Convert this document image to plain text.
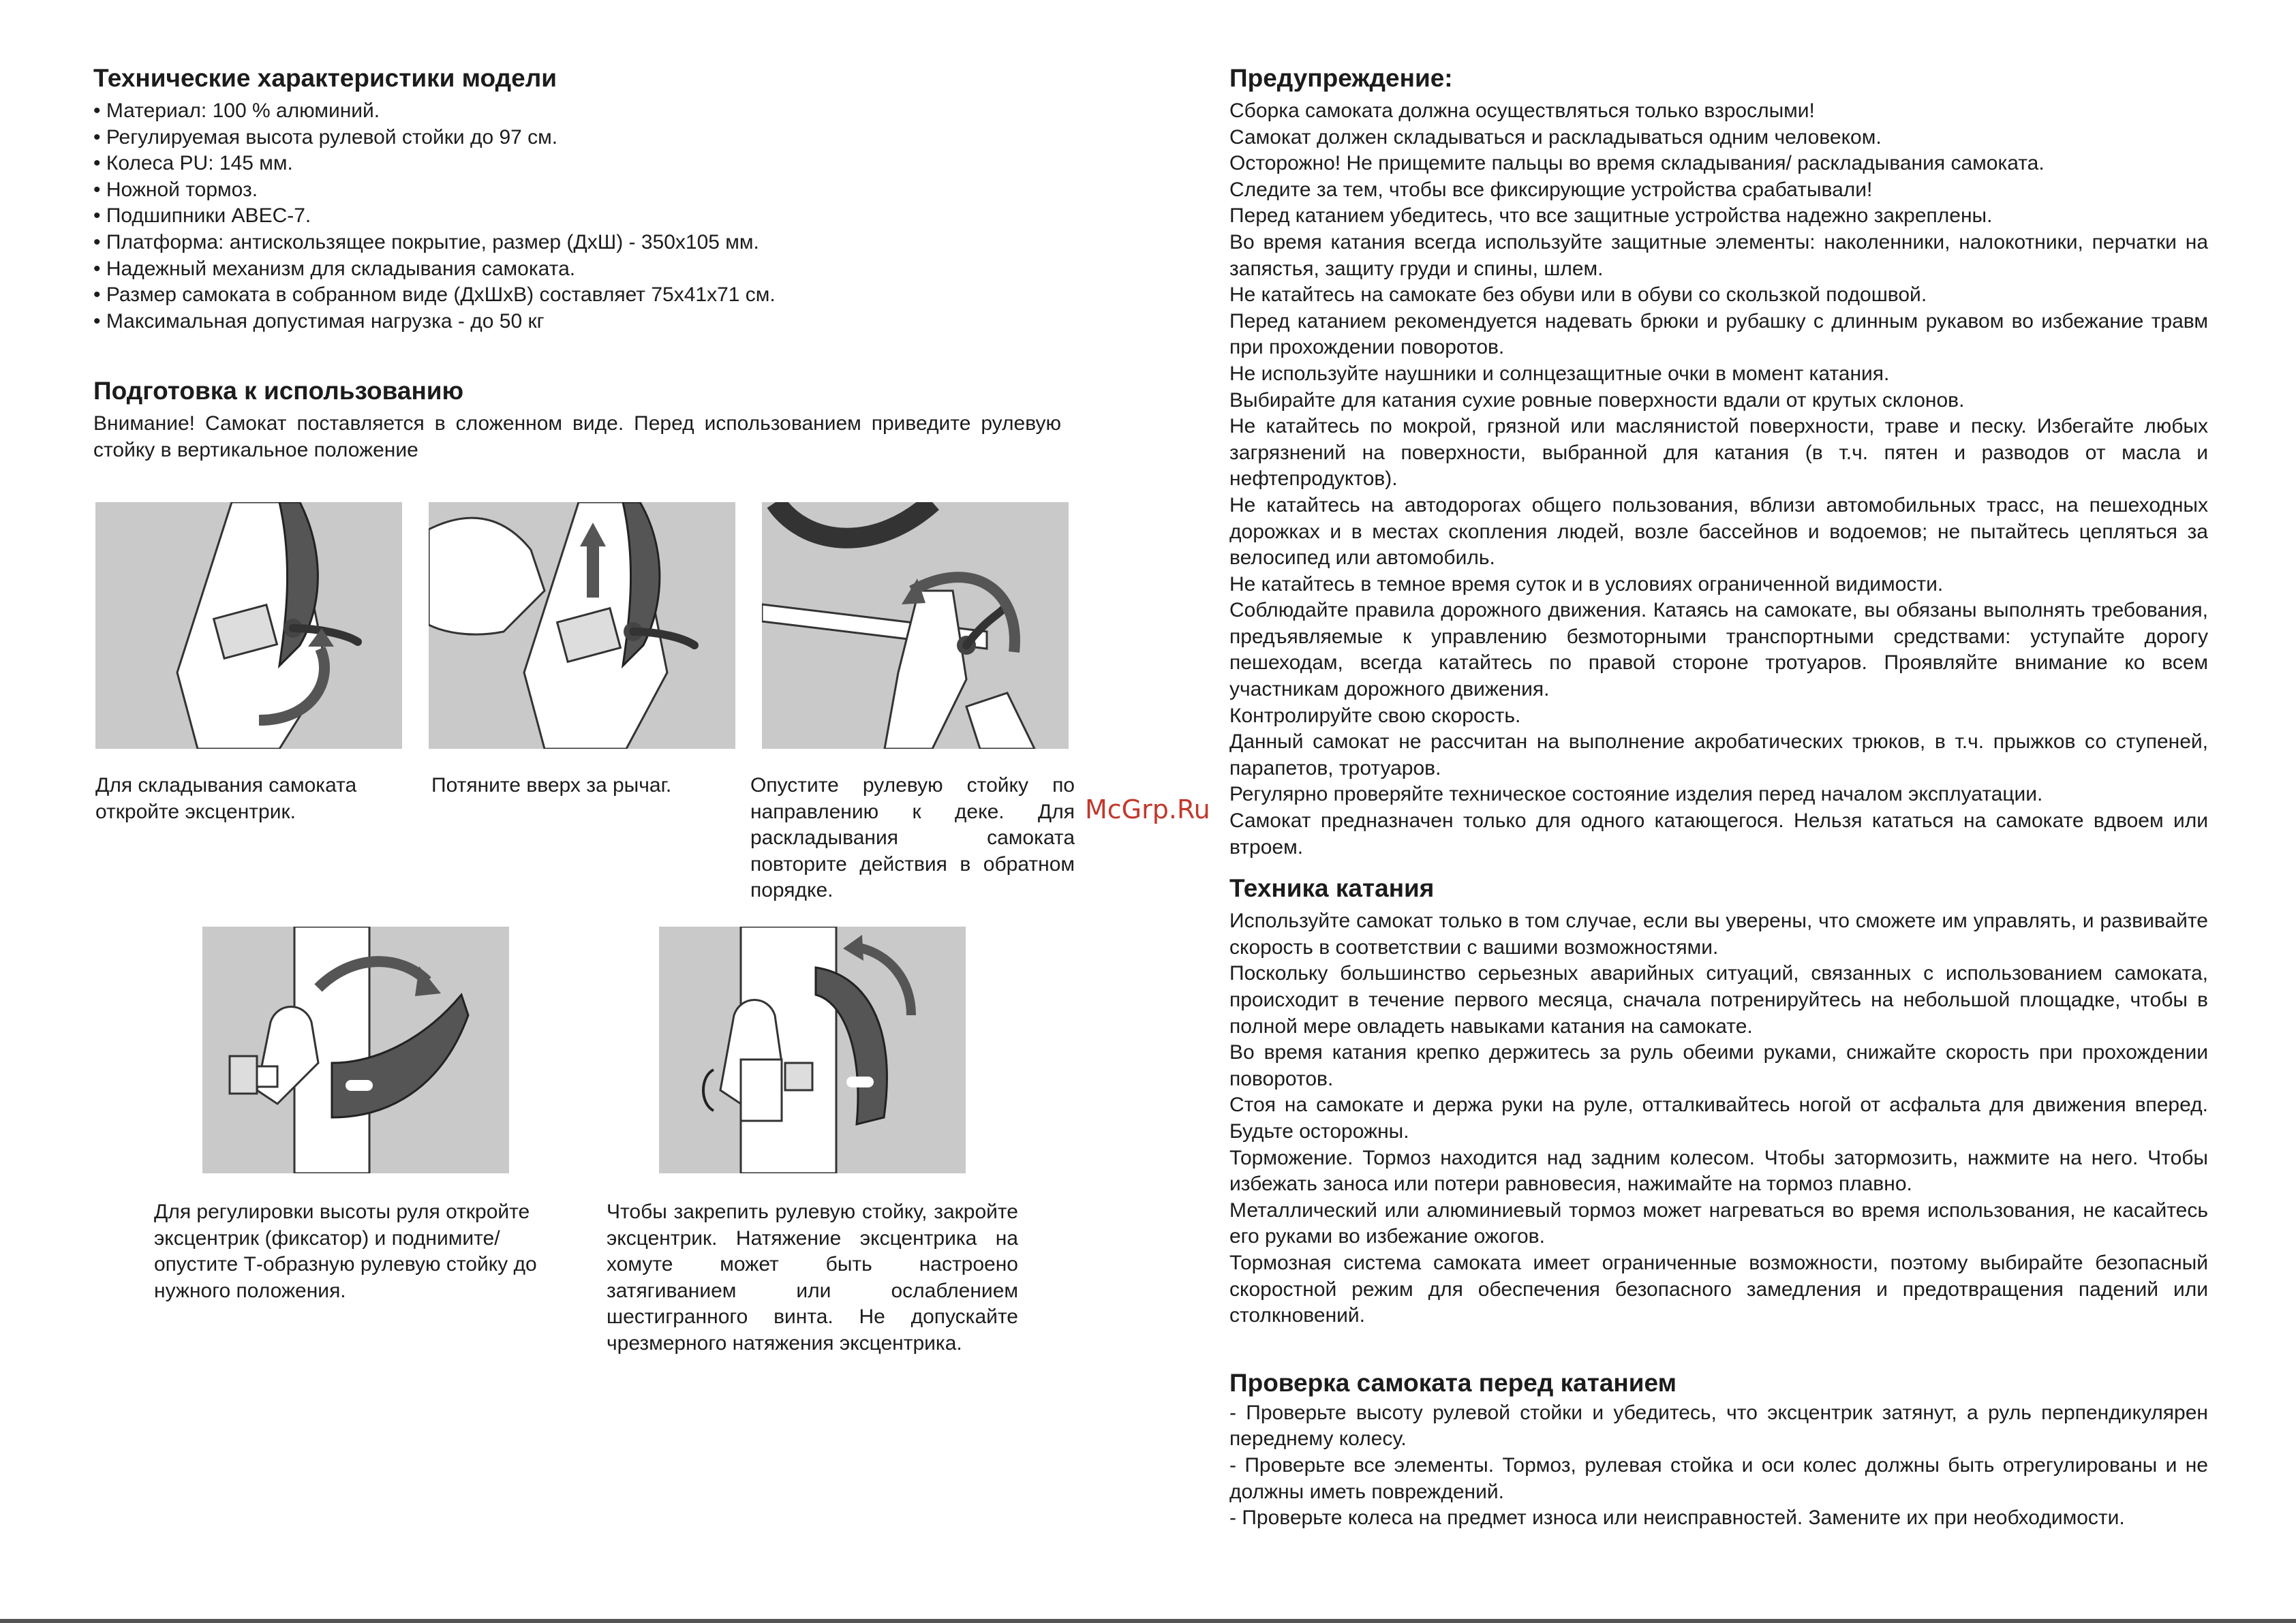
Технические характеристики модели

• Материал: 100 % алюминий.

• Регулируемая высота рулевой стойки до 97 см.

• Колеса PU: 145 мм.

• Ножной тормоз.

• Подшипники ABEC-7.

• Платформа: антискользящее покрытие, размер (ДхШ) - 350х105 мм.

• Надежный механизм для складывания самоката.

• Размер самоката в собранном виде (ДхШхВ) составляет 75x41x71 см.

• Максимальная допустимая нагрузка - до 50 кг

Подготовка к использованию

Внимание! Самокат поставляется в сложенном виде. Перед использованием приведите рулевую стойку в вертикальное положение

Для складывания самоката откройте эксцентрик.
Потяните вверх за рычаг.	Опустите рулевую стойку по направлению к деке. Для раскладывания самоката повторите действия в обратном порядке.
McGrp.Ru
Для регулировки высоты руля откройте эксцентрик (фиксатор) и поднимите/опустите Т-образную рулевую стойку до нужного положения.
Чтобы закрепить рулевую стойку, закройте эксцентрик. Натяжение эксцентрика на хомуте может быть настроено затягиванием или ослаблением шестигранного винта. Не допускайте чрезмерного натяжения эксцентрика.
Предупреждение:

Сборка самоката должна осуществляться только взрослыми!

Самокат должен складываться и раскладываться одним человеком.

Осторожно! Не прищемите пальцы во время складывания/ раскладывания самоката.

Следите за тем, чтобы все фиксирующие устройства срабатывали!

Перед катанием убедитесь, что все защитные устройства надежно закреплены.

Во время катания всегда используйте защитные элементы: наколенники, налокотники, перчатки на запястья, защиту груди и спины, шлем.

Не катайтесь на самокате без обуви или в обуви со скользкой подошвой.

Перед катанием рекомендуется надевать брюки и рубашку с длинным рукавом во избежание травм при прохождении поворотов.

Не используйте наушники и солнцезащитные очки в момент катания.

Выбирайте для катания сухие ровные поверхности вдали от крутых склонов.

Не катайтесь по мокрой, грязной или маслянистой поверхности, траве и песку. Избегайте любых загрязнений на поверхности, выбранной для катания (в т.ч. пятен и разводов от масла и нефтепродуктов).

Не катайтесь на автодорогах общего пользования, вблизи автомобильных трасс, на пешеходных дорожках и в местах скопления людей, возле бассейнов и водоемов; не пытайтесь цепляться за велосипед или автомобиль.

Не катайтесь в темное время суток и в условиях ограниченной видимости.

Соблюдайте правила дорожного движения. Катаясь на самокате, вы обязаны выполнять требования, предъявляемые к управлению безмоторными транспортными средствами: уступайте дорогу пешеходам, всегда катайтесь по правой стороне тротуаров. Проявляйте внимание ко всем участникам дорожного движения.

Контролируйте свою скорость.

Данный самокат не рассчитан на выполнение акробатических трюков, в т.ч. прыжков со ступеней, парапетов, тротуаров.

Регулярно проверяйте техническое состояние изделия перед началом эксплуатации.

Самокат предназначен только для одного катающегося. Нельзя кататься на самокате вдвоем или втроем.

Техника катания

Используйте самокат только в том случае, если вы уверены, что сможете им управлять, и развивайте скорость в соответствии с вашими возможностями.

Поскольку большинство серьезных аварийных ситуаций, связанных с использованием самоката, происходит в течение первого месяца, сначала потренируйтесь на небольшой площадке, чтобы в полной мере овладеть навыками катания на самокате.

Во время катания крепко держитесь за руль обеими руками, снижайте скорость при прохождении поворотов.

Стоя на самокате и держа руки на руле, отталкивайтесь ногой от асфальта для движения вперед. Будьте осторожны.

Торможение. Тормоз находится над задним колесом. Чтобы затормозить, нажмите на него. Чтобы избежать заноса или потери равновесия, нажимайте на тормоз плавно.

Металлический или алюминиевый тормоз может нагреваться во время использования, не касайтесь его руками во избежание ожогов.

Тормозная система самоката имеет ограниченные возможности, поэтому выбирайте безопасный скоростной режим для обеспечения безопасного замедления и предотвращения падений или столкновений.

Проверка самоката перед катанием

- Проверьте высоту рулевой стойки и убедитесь, что эксцентрик затянут, а руль перпендикулярен переднему колесу.

- Проверьте все элементы. Тормоз, рулевая стойка и оси колес должны быть отрегулированы и не должны иметь повреждений.

- Проверьте колеса на предмет износа или неисправностей. Замените их при необходимости.
